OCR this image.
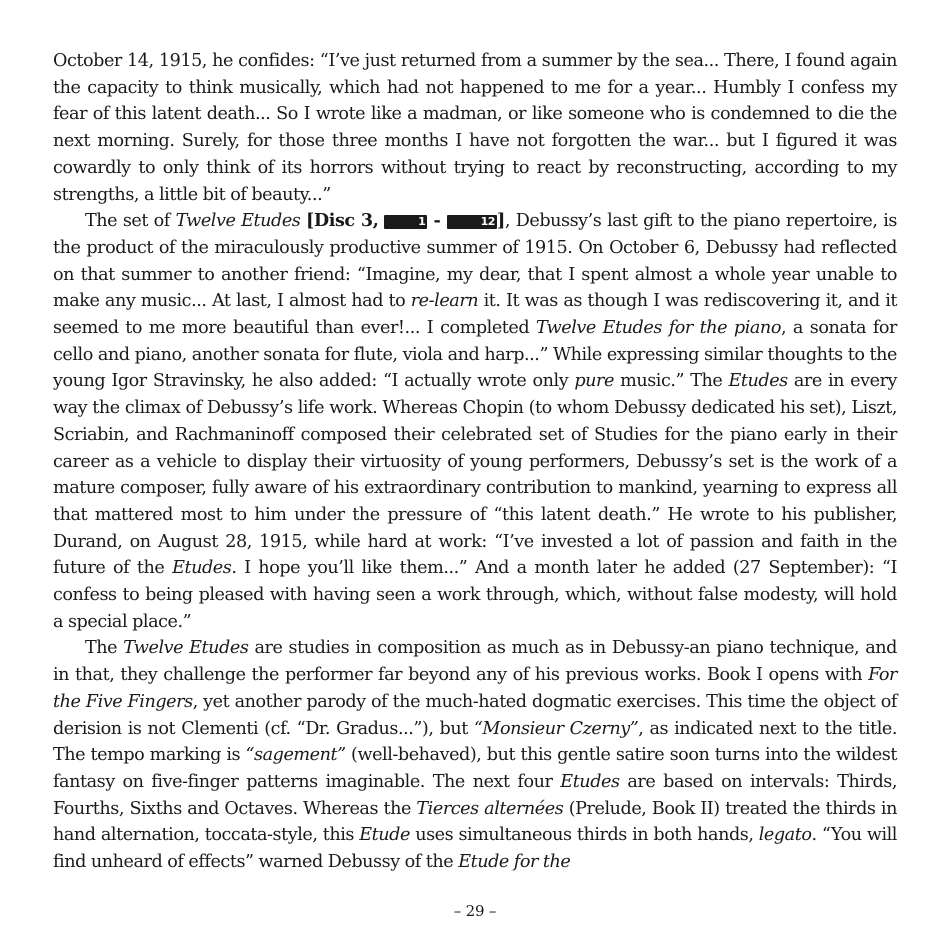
October 14, 1915, he confides: “I’ve just returned from a summer by the sea... There, I found again the capacity to think musically, which had not happened to me for a year... Humbly I confess my fear of this latent death... So I wrote like a madman, or like someone who is condemned to die the next morning. Surely, for those three months I have not forgotten the war... but I figured it was cowardly to only think of its horrors without trying to react by reconstructing, according to my strengths, a little bit of beauty...”

The set of Twelve Etudes [Disc 3,	1 -	12 ], Debussy’s last gift to the piano repertoire, is the product of the miraculously productive summer of 1915. On October 6, Debussy had reflected on that summer to another friend: “Imagine, my dear, that I spent almost a whole year unable to make any music... At last, I almost had to re-learn it. It was as though I was rediscovering it, and it seemed to me more beautiful than ever!... I completed Twelve Etudes for the piano, a sonata for cello and piano, another sonata for flute, viola and harp...” While expressing similar thoughts to the young Igor Stravinsky, he also added: “I actually wrote only pure music.” The Etudes are in every way the climax of Debussy’s life work. Whereas Chopin (to whom Debussy dedicated his set), Liszt, Scriabin, and Rachmaninoff composed their celebrated set of Studies for the piano early in their career as a vehicle to display their virtuosity of young performers, Debussy’s set is the work of a mature composer, fully aware of his extraordinary contribution to mankind, yearning to express all that mattered most to him under the pressure of “this latent death.” He wrote to his publisher, Durand, on August 28, 1915, while hard at work: “I’ve invested a lot of passion and faith in the future of the Etudes. I hope you’ll like them...” And a month later he added (27 September): “I confess to being pleased with having seen a work through, which, without false modesty, will hold a special place.”

The Twelve Etudes are studies in composition as much as in Debussy-an piano technique, and in that, they challenge the performer far beyond any of his previous works. Book I opens with For the Five Fingers, yet another parody of the much-hated dogmatic exercises. This time the object of derision is not Clementi (cf. “Dr. Gradus...”), but “Monsieur Czerny”, as indicated next to the title. The tempo marking is “sagement” (well-behaved), but this gentle satire soon turns into the wildest fantasy on five-finger patterns imaginable. The next four Etudes are based on intervals: Thirds, Fourths, Sixths and Octaves. Whereas the Tierces alternées (Prelude, Book II) treated the thirds in hand alternation, toccata-style, this Etude uses simultaneous thirds in both hands, legato. “You will find unheard of effects” warned Debussy of the Etude for the

– 29 –
